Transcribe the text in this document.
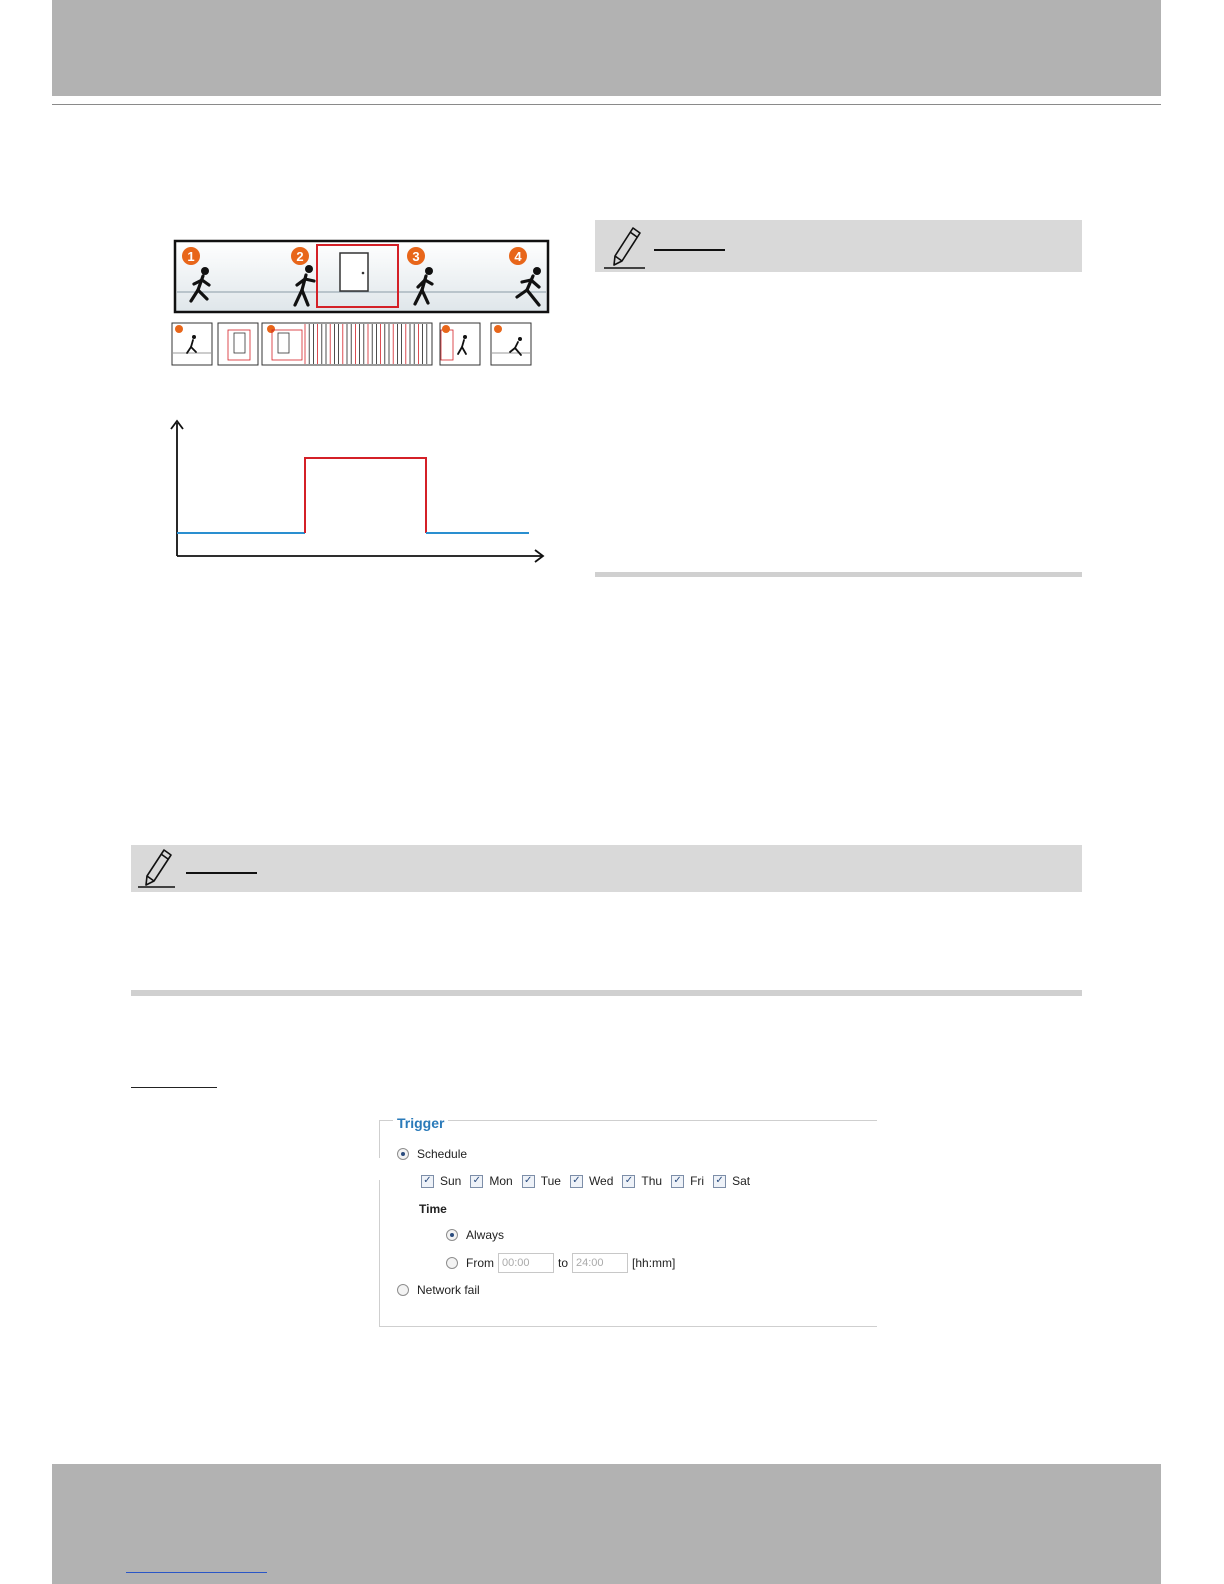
1	2	3	4
Trigger
Schedule
✓ Sun ✓ Mon ✓ Tue ✓ Wed ✓ Thu ✓ Fri ✓ Sat
Time
Always
From 00:00	to 24:00	[hh:mm]
Network fail
